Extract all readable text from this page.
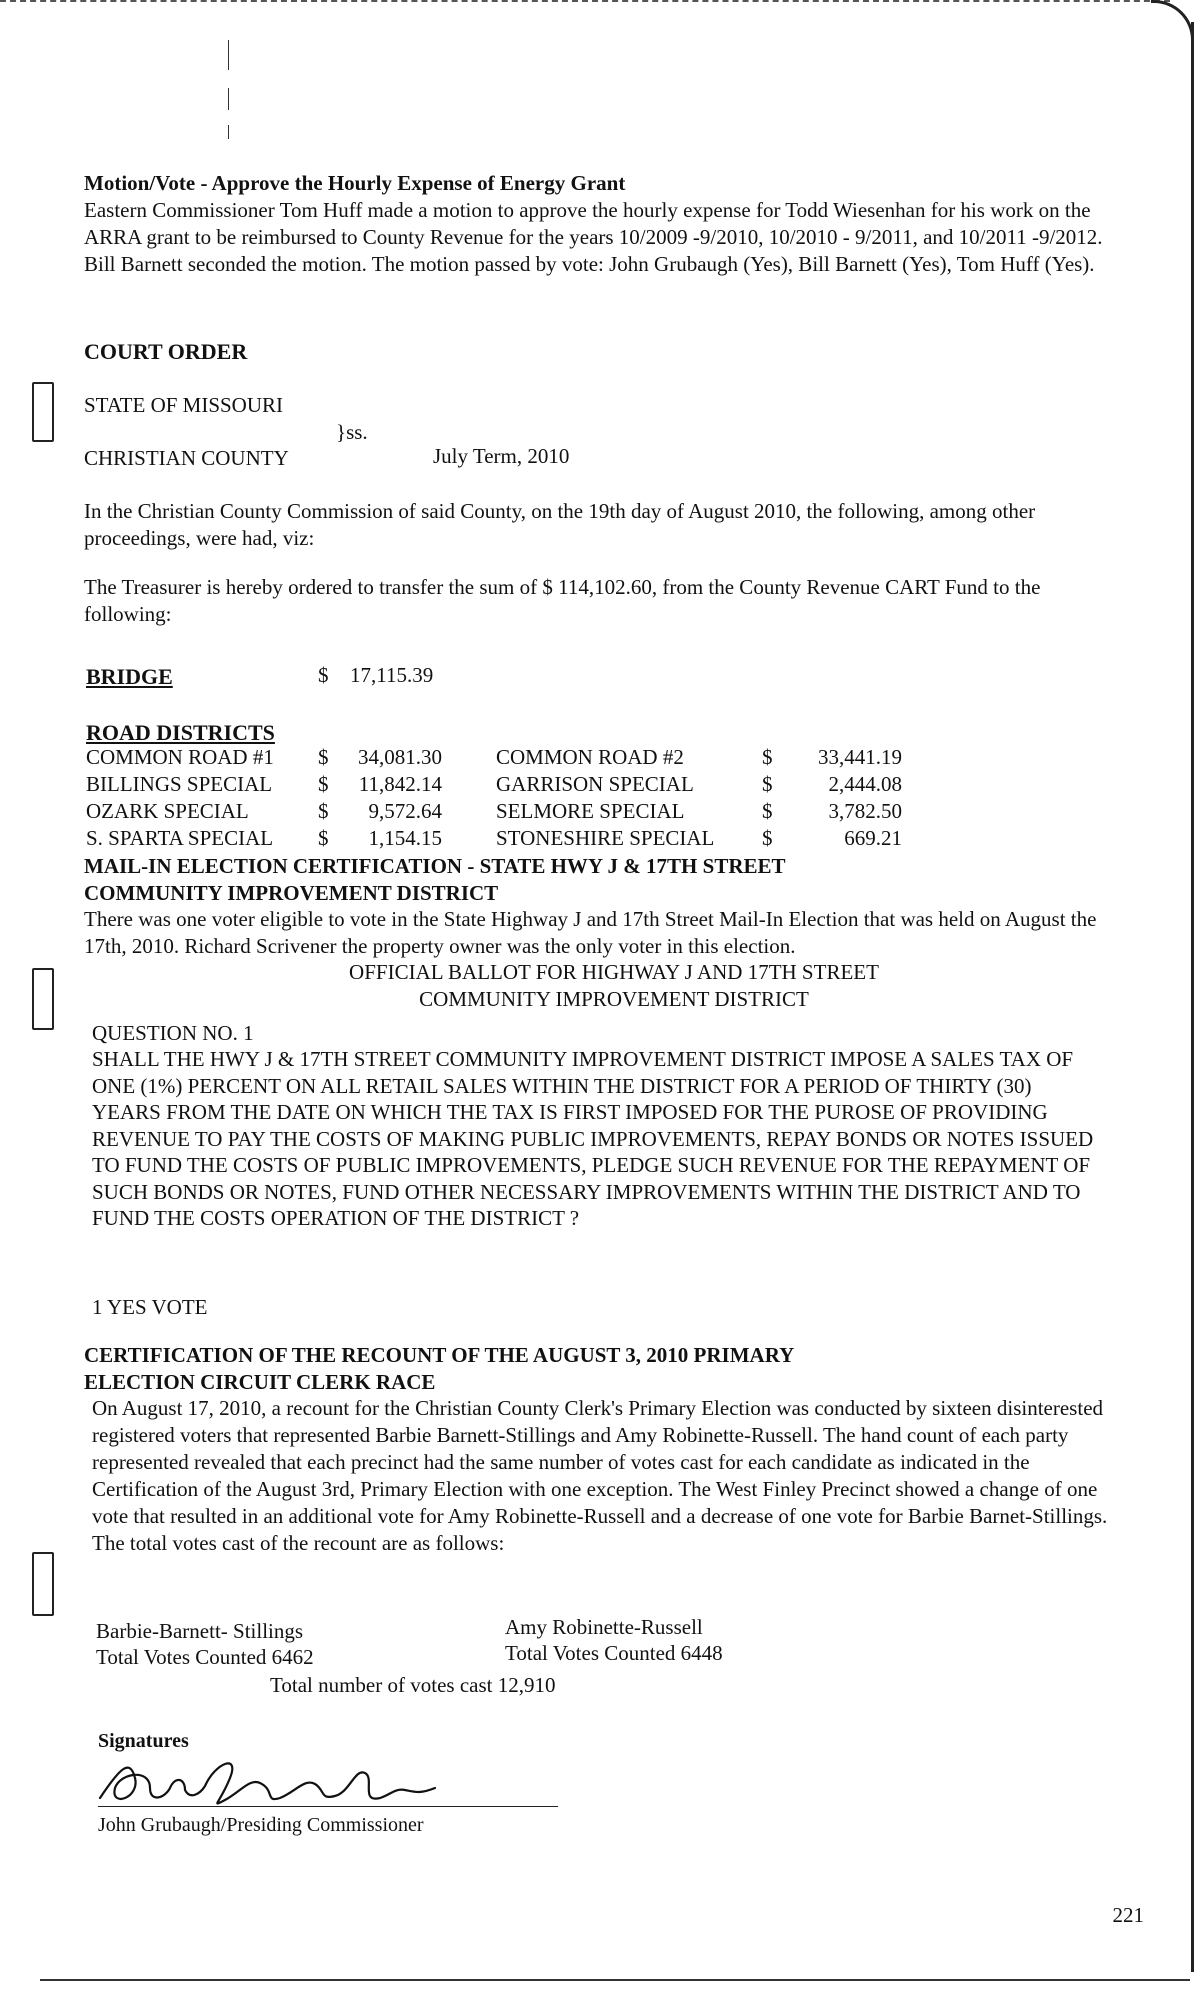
Motion/Vote - Approve the Hourly Expense of Energy Grant

Eastern Commissioner Tom Huff made a motion to approve the hourly expense for Todd Wiesenhan for his work on the ARRA grant to be reimbursed to County Revenue for the years 10/2009 -9/2010, 10/2010 - 9/2011, and 10/2011 -9/2012. Bill Barnett seconded the motion. The motion passed by vote: John Grubaugh (Yes), Bill Barnett (Yes), Tom Huff (Yes).

COURT ORDER
STATE OF MISSOURI
}ss.
CHRISTIAN COUNTY	July Term, 2010
In the Christian County Commission of said County, on the 19th day of August 2010, the following, among other proceedings, were had, viz:
The Treasurer is hereby ordered to transfer the sum of $ 114,102.60, from the County Revenue CART Fund to the following:
BRIDGE	$ 17,115.39
ROAD DISTRICTS
COMMON ROAD #1 $	34,081.30	COMMON ROAD #2	$	33,441.19
BILLINGS SPECIAL $	11,842.14	GARRISON SPECIAL	$	2,444.08
OZARK SPECIAL	$	9,572.64	SELMORE SPECIAL	$	3,782.50
S. SPARTA SPECIAL $	1,154.15	STONESHIRE SPECIAL $	669.21

MAIL-IN ELECTION CERTIFICATION - STATE HWY J & 17TH STREET

COMMUNITY IMPROVEMENT DISTRICT

There was one voter eligible to vote in the State Highway J and 17th Street Mail-In Election that was held on August the 17th, 2010. Richard Scrivener the property owner was the only voter in this election.
OFFICIAL BALLOT FOR HIGHWAY J AND 17TH STREET
COMMUNITY IMPROVEMENT DISTRICT
QUESTION NO. 1
SHALL THE HWY J & 17TH STREET COMMUNITY IMPROVEMENT DISTRICT IMPOSE A SALES TAX OF ONE (1%) PERCENT ON ALL RETAIL SALES WITHIN THE DISTRICT FOR A PERIOD OF THIRTY (30) YEARS FROM THE DATE ON WHICH THE TAX IS FIRST IMPOSED FOR THE PUROSE OF PROVIDING REVENUE TO PAY THE COSTS OF MAKING PUBLIC IMPROVEMENTS, REPAY BONDS OR NOTES ISSUED TO FUND THE COSTS OF PUBLIC IMPROVEMENTS, PLEDGE SUCH REVENUE FOR THE REPAYMENT OF SUCH BONDS OR NOTES, FUND OTHER NECESSARY IMPROVEMENTS WITHIN THE DISTRICT AND TO FUND THE COSTS OPERATION OF THE DISTRICT ?
1 YES VOTE

CERTIFICATION OF THE RECOUNT OF THE AUGUST 3, 2010 PRIMARY

ELECTION CIRCUIT CLERK RACE

On August 17, 2010, a recount for the Christian County Clerk's Primary Election was conducted by sixteen disinterested registered voters that represented Barbie Barnett-Stillings and Amy Robinette-Russell. The hand count of each party represented revealed that each precinct had the same number of votes cast for each candidate as indicated in the Certification of the August 3rd, Primary Election with one exception. The West Finley Precinct showed a change of one vote that resulted in an additional vote for Amy Robinette-Russell and a decrease of one vote for Barbie Barnet-Stillings. The total votes cast of the recount are as follows:

Barbie-Barnett- Stillings

Total Votes Counted 6462

Amy Robinette-Russell

Total Votes Counted 6448

Total number of votes cast 12,910
Signatures
John Grubaugh/Presiding Commissioner
221
